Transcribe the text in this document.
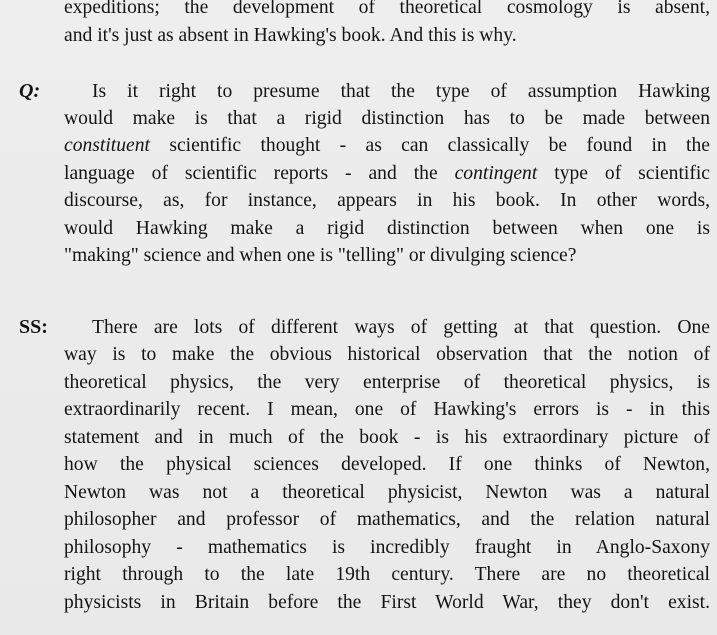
expeditions; the development of theoretical cosmology is absent,
and it's just as absent in Hawking's book. And this is why.
Q:	Is it right to presume that the type of assumption Hawking
would make is that a rigid distinction has to be made between
constituent scientific thought - as can classically be found in the
language of scientific reports - and the contingent type of scientific
discourse, as, for instance, appears in his book. In other words,
would Hawking make a rigid distinction between when one is
"making" science and when one is "telling" or divulging science?
SS:	There are lots of different ways of getting at that question. One
way is to make the obvious historical observation that the notion of
theoretical physics, the very enterprise of theoretical physics, is
extraordinarily recent. I mean, one of Hawking's errors is - in this
statement and in much of the book - is his extraordinary picture of
how the physical sciences developed. If one thinks of Newton,
Newton was not a theoretical physicist, Newton was a natural
philosopher and professor of mathematics, and the relation natural
philosophy - mathematics is incredibly fraught in Anglo-Saxony
right through to the late 19th century. There are no theoretical
physicists in Britain before the First World War, they don't exist.
